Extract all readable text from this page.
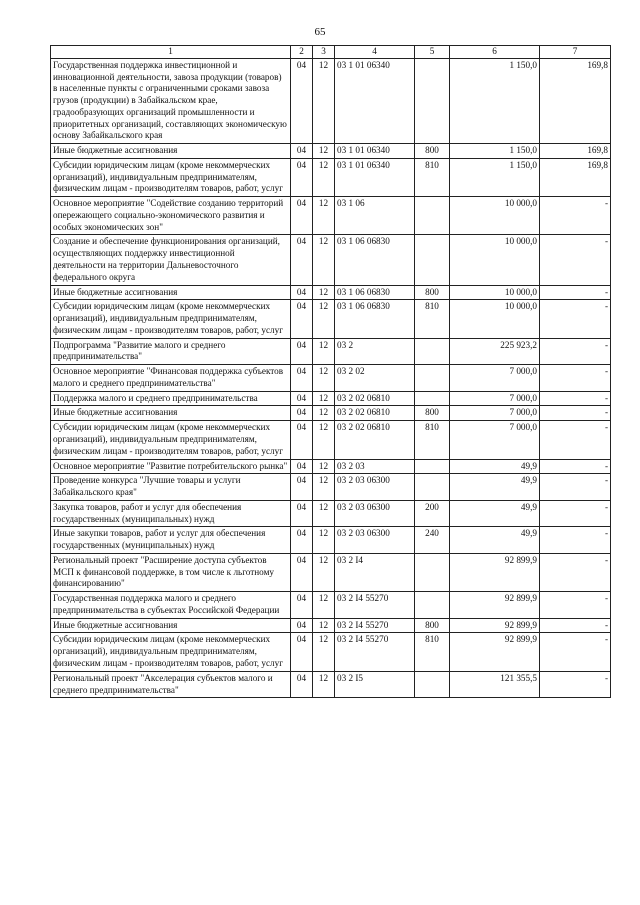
65
1	2	3	4	5	6	7
Государственная поддержка инвестиционной и инновационной деятельности, завоза продукции (товаров) в населенные пункты с ограниченными сроками завоза грузов (продукции) в Забайкальском крае, градообразующих организаций промышленности и приоритетных организаций, составляющих экономическую основу Забайкальского края	04	12	03 1 01 06340		1 150,0	169,8
Иные бюджетные ассигнования	04	12	03 1 01 06340	800	1 150,0	169,8
Субсидии юридическим лицам (кроме некоммерческих организаций), индивидуальным предпринимателям, физическим лицам - производителям товаров, работ, услуг	04	12	03 1 01 06340	810	1 150,0	169,8
Основное мероприятие "Содействие созданию территорий опережающего социально-экономического развития и особых экономических зон"	04	12	03 1 06		10 000,0	-
Создание и обеспечение функционирования организаций, осуществляющих поддержку инвестиционной деятельности на территории Дальневосточного федерального округа	04	12	03 1 06 06830		10 000,0	-
Иные бюджетные ассигнования	04	12	03 1 06 06830	800	10 000,0	-
Субсидии юридическим лицам (кроме некоммерческих организаций), индивидуальным предпринимателям, физическим лицам - производителям товаров, работ, услуг	04	12	03 1 06 06830	810	10 000,0	-
Подпрограмма "Развитие малого и среднего предпринимательства"	04	12	03 2		225 923,2	-
Основное мероприятие "Финансовая поддержка субъектов малого и среднего предпринимательства"	04	12	03 2 02		7 000,0	-
Поддержка малого и среднего предпринимательства	04	12	03 2 02 06810		7 000,0	-
Иные бюджетные ассигнования	04	12	03 2 02 06810	800	7 000,0	-
Субсидии юридическим лицам (кроме некоммерческих организаций), индивидуальным предпринимателям, физическим лицам - производителям товаров, работ, услуг	04	12	03 2 02 06810	810	7 000,0	-
Основное мероприятие "Развитие потребительского рынка"	04	12	03 2 03		49,9	-
Проведение конкурса "Лучшие товары и услуги Забайкальского края"	04	12	03 2 03 06300		49,9	-
Закупка товаров, работ и услуг для обеспечения государственных (муниципальных) нужд	04	12	03 2 03 06300	200	49,9	-
Иные закупки товаров, работ и услуг для обеспечения государственных (муниципальных) нужд	04	12	03 2 03 06300	240	49,9	-
Региональный проект "Расширение доступа субъектов МСП к финансовой поддержке, в том числе к льготному финансированию"	04	12	03 2 I4		92 899,9	-
Государственная поддержка малого и среднего предпринимательства в субъектах Российской Федерации	04	12	03 2 I4 55270		92 899,9	-
Иные бюджетные ассигнования	04	12	03 2 I4 55270	800	92 899,9	-
Субсидии юридическим лицам (кроме некоммерческих организаций), индивидуальным предпринимателям, физическим лицам - производителям товаров, работ, услуг	04	12	03 2 I4 55270	810	92 899,9	-
Региональный проект "Акселерация субъектов малого и среднего предпринимательства"	04	12	03 2 I5		121 355,5	-
